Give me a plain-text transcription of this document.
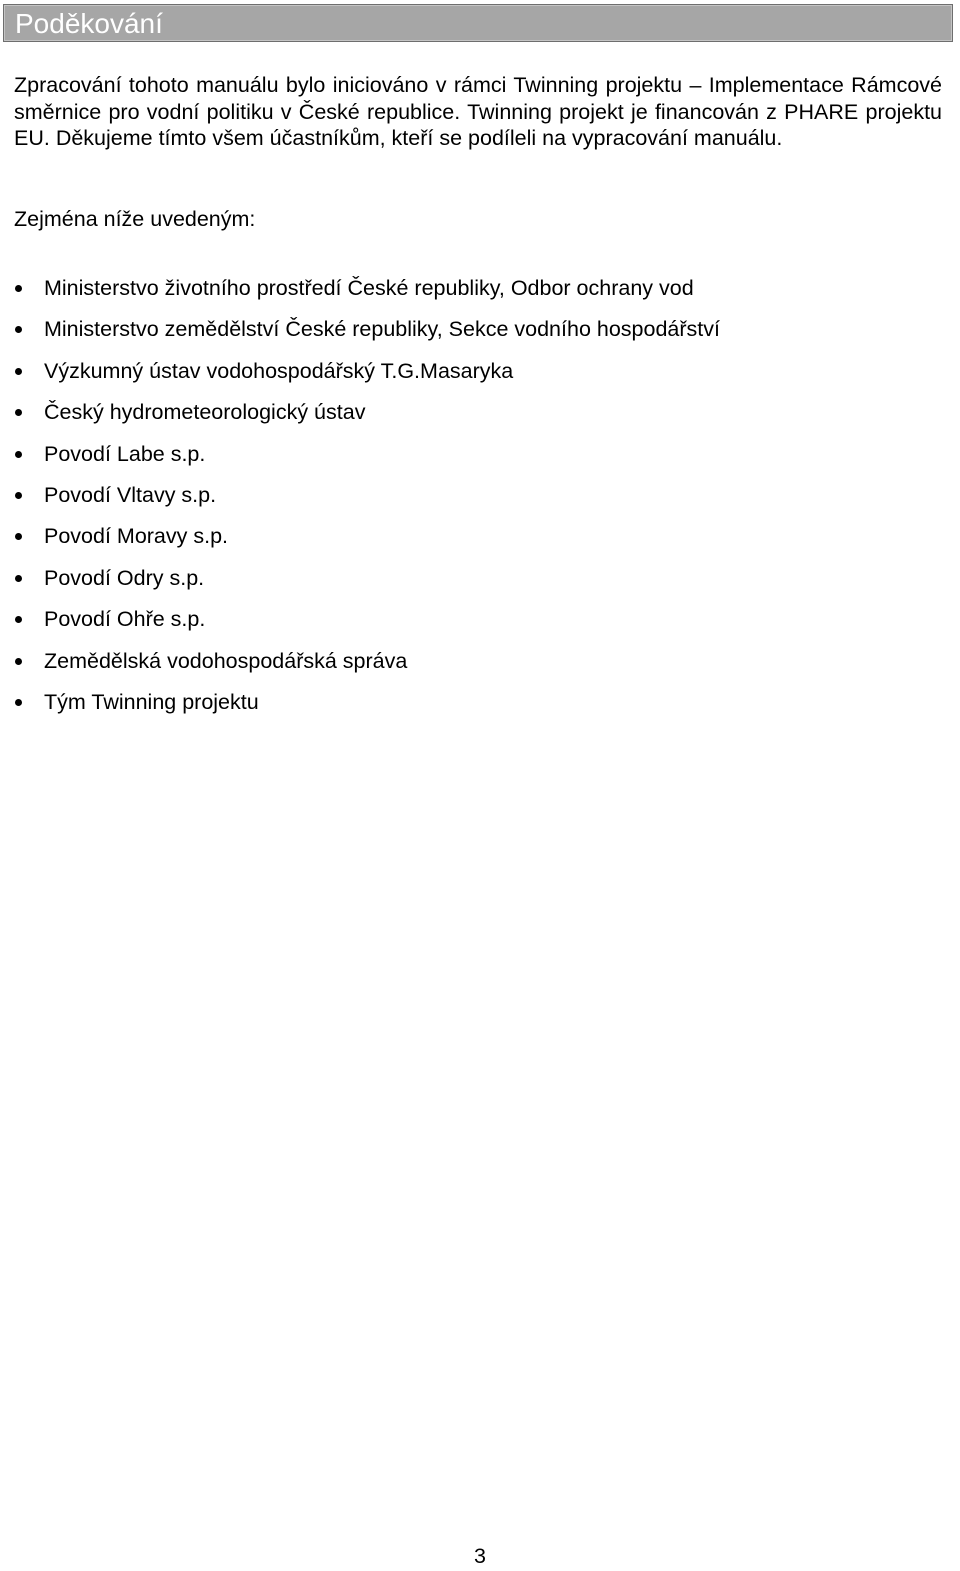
Poděkování

Zpracování tohoto manuálu bylo iniciováno v rámci Twinning projektu – Implementace Rámcové směrnice pro vodní politiku v České republice. Twinning projekt je financován z PHARE projektu EU. Děkujeme tímto všem účastníkům, kteří se podíleli na vypracování manuálu.

Zejména níže uvedeným:

Ministerstvo životního prostředí České republiky, Odbor ochrany vod
Ministerstvo zemědělství České republiky, Sekce vodního hospodářství
Výzkumný ústav vodohospodářský T.G.Masaryka
Český hydrometeorologický ústav
Povodí Labe s.p.
Povodí Vltavy s.p.
Povodí Moravy s.p.
Povodí Odry s.p.
Povodí Ohře s.p.
Zemědělská vodohospodářská správa
Tým Twinning projektu
3
